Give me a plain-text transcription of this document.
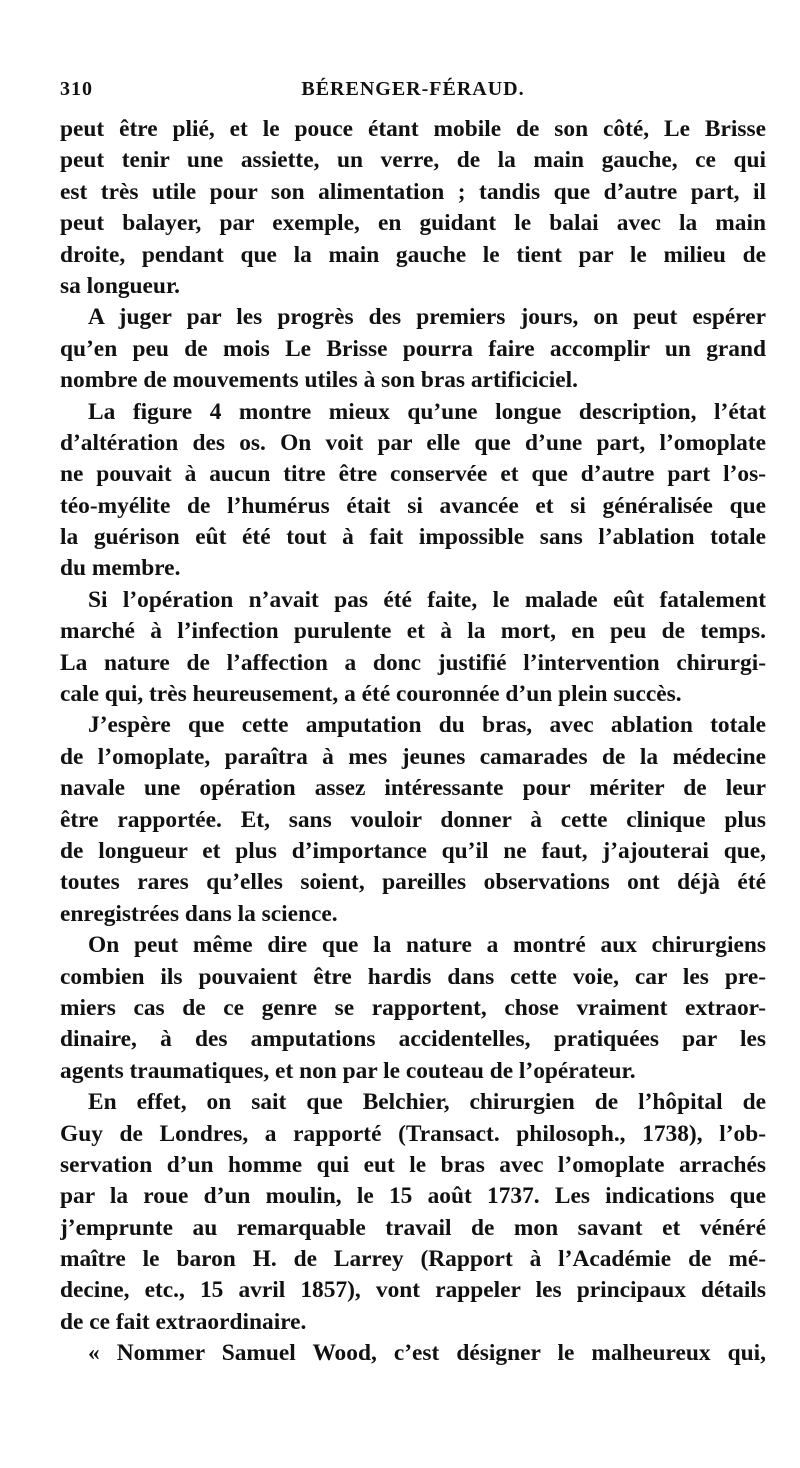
310	BÉRENGER-FÉRAUD.
peut être plié, et le pouce étant mobile de son côté, Le Brisse
peut tenir une assiette, un verre, de la main gauche, ce qui
est très utile pour son alimentation ; tandis que d’autre part, il
peut balayer, par exemple, en guidant le balai avec la main
droite, pendant que la main gauche le tient par le milieu de
sa longueur.
A juger par les progrès des premiers jours, on peut espérer
qu’en peu de mois Le Brisse pourra faire accomplir un grand
nombre de mouvements utiles à son bras artificiciel.
La figure 4 montre mieux qu’une longue description, l’état
d’altération des os. On voit par elle que d’une part, l’omoplate
ne pouvait à aucun titre être conservée et que d’autre part l’os-
téo-myélite de l’humérus était si avancée et si généralisée que
la guérison eût été tout à fait impossible sans l’ablation totale
du membre.
Si l’opération n’avait pas été faite, le malade eût fatalement
marché à l’infection purulente et à la mort, en peu de temps.
La nature de l’affection a donc justifié l’intervention chirurgi-
cale qui, très heureusement, a été couronnée d’un plein succès.
J’espère que cette amputation du bras, avec ablation totale
de l’omoplate, paraîtra à mes jeunes camarades de la médecine
navale une opération assez intéressante pour mériter de leur
être rapportée. Et, sans vouloir donner à cette clinique plus
de longueur et plus d’importance qu’il ne faut, j’ajouterai que,
toutes rares qu’elles soient, pareilles observations ont déjà été
enregistrées dans la science.
On peut même dire que la nature a montré aux chirurgiens
combien ils pouvaient être hardis dans cette voie, car les pre-
miers cas de ce genre se rapportent, chose vraiment extraor-
dinaire, à des amputations accidentelles, pratiquées par les
agents traumatiques, et non par le couteau de l’opérateur.
En effet, on sait que Belchier, chirurgien de l’hôpital de
Guy de Londres, a rapporté (Transact. philosoph., 1738), l’ob-
servation d’un homme qui eut le bras avec l’omoplate arrachés
par la roue d’un moulin, le 15 août 1737. Les indications que
j’emprunte au remarquable travail de mon savant et vénéré
maître le baron H. de Larrey (Rapport à l’Académie de mé-
decine, etc., 15 avril 1857), vont rappeler les principaux détails
de ce fait extraordinaire.
« Nommer Samuel Wood, c’est désigner le malheureux qui,
